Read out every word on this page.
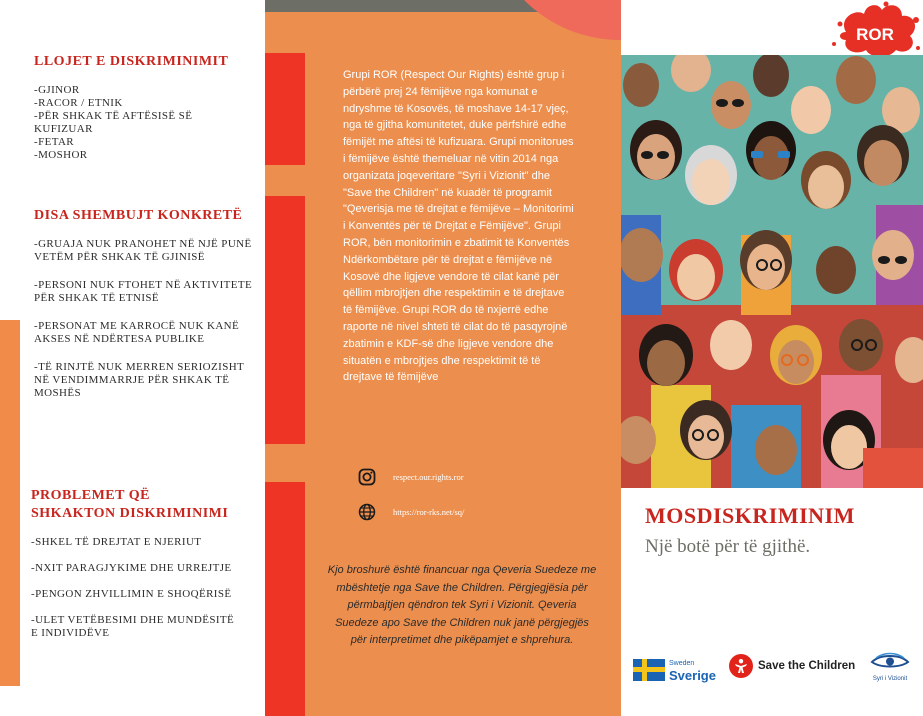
LLOJET E DISKRIMINIMIT
-GJINOR
-RACOR / ETNIK
-PËR SHKAK TË AFTËSISË SË KUFIZUAR
-FETAR
-MOSHOR
DISA SHEMBUJT KONKRETË
-GRUAJA NUK PRANOHET NË NJË PUNË VETËM PËR SHKAK TË GJINISË
-PERSONI NUK FTOHET NË AKTIVITETE PËR SHKAK TË ETNISË
-PERSONAT ME KARROCË NUK KANË AKSES NË NDËRTESA PUBLIKE
-TË RINJTË NUK MERREN SERIOZISHT NË VENDIMMARRJE PËR SHKAK TË MOSHËS
PROBLEMET QË
SHKAKTON DISKRIMINIMI
-SHKEL TË DREJTAT E NJERIUT
-NXIT PARAGJYKIME DHE URREJTJE
-PENGON ZHVILLIMIN E SHOQËRISË
-ULET VETËBESIMI DHE MUNDËSITË E INDIVIDËVE

Grupi ROR (Respect Our Rights) është grup i përbërë prej 24 fëmijëve nga komunat e ndryshme të Kosovës, të moshave 14-17 vjeç, nga të gjitha komunitetet, duke përfshirë edhe fëmijët me aftësi të kufizuara. Grupi monitorues i fëmijëve është themeluar në vitin 2014 nga organizata joqeveritare "Syri i Vizionit" dhe "Save the Children" në kuadër të programit "Qeverisja me të drejtat e fëmijëve – Monitorimi i Konventës për të Drejtat e Fëmijëve". Grupi ROR, bën monitorimin e zbatimit të Konventës Ndërkombëtare për të drejtat e fëmijëve në Kosovë dhe ligjeve vendore të cilat kanë për qëllim mbrojtjen dhe respektimin e të drejtave të fëmijëve. Grupi ROR do të nxjerrë edhe raporte në nivel shteti të cilat do të pasqyrojnë zbatimin e KDF-së dhe ligjeve vendore dhe situatën e mbrojtjes dhe respektimit të të drejtave të fëmijëve

respect.our.rights.ror
https://ror-rks.net/sq/

Kjo broshurë është financuar nga Qeveria Suedeze me mbështetje nga Save the Children. Përgjegjësia për përmbajtjen qëndron tek Syri i Vizionit. Qeveria Suedeze apo Save the Children nuk janë përgjegjës për interpretimet dhe pikëpamjet e shprehura.

ROR
MOSDISKRIMINIM

Një botë për të gjithë.

Sweden
Sverige
Save the Children
Syri i Vizionit
